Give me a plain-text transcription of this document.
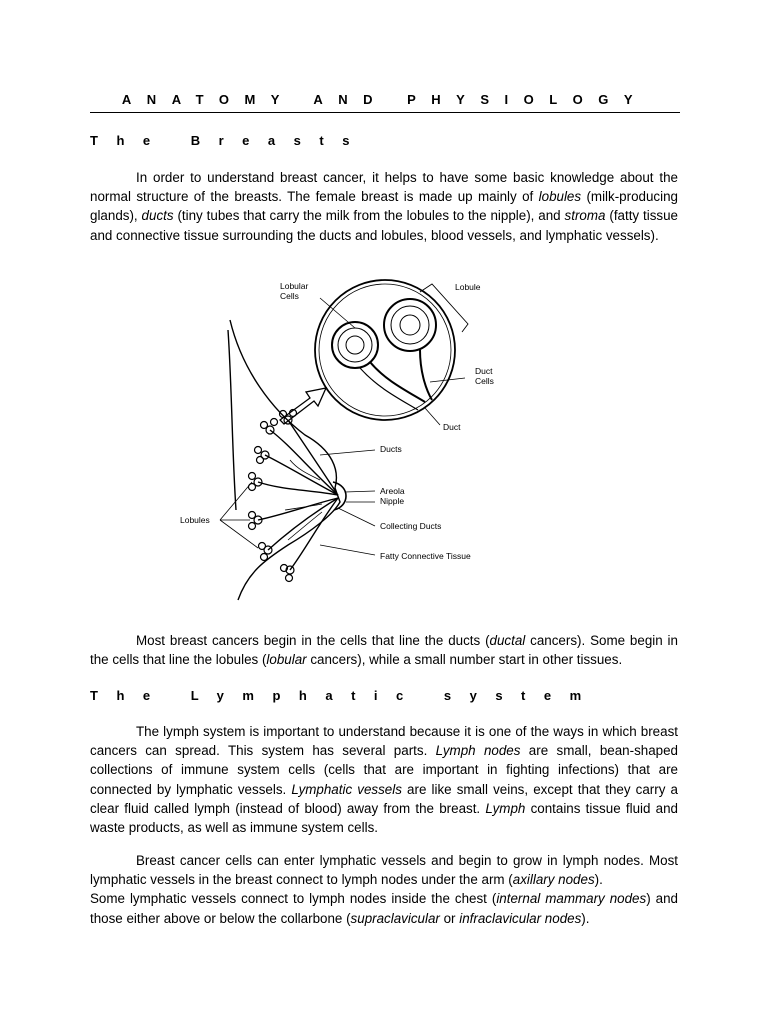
ANATOMY AND PHYSIOLOGY
The Breasts
In order to understand breast cancer, it helps to have some basic knowledge about the normal structure of the breasts. The female breast is made up mainly of lobules (milk-producing glands), ducts (tiny tubes that carry the milk from the lobules to the nipple), and stroma (fatty tissue and connective tissue surrounding the ducts and lobules, blood vessels, and lymphatic vessels).
Lobular
Cells
Lobule
Duct
Cells
Duct
Ducts
Areola
Nipple
Lobules
Collecting Ducts
Fatty Connective Tissue
Most breast cancers begin in the cells that line the ducts (ductal cancers). Some begin in the cells that line the lobules (lobular cancers), while a small number start in other tissues.
The Lymphatic system
The lymph system is important to understand because it is one of the ways in which breast cancers can spread. This system has several parts. Lymph nodes are small, bean-shaped collections of immune system cells (cells that are important in fighting infections) that are connected by lymphatic vessels. Lymphatic vessels are like small veins, except that they carry a clear fluid called lymph (instead of blood) away from the breast. Lymph contains tissue fluid and waste products, as well as immune system cells.
Breast cancer cells can enter lymphatic vessels and begin to grow in lymph nodes. Most lymphatic vessels in the breast connect to lymph nodes under the arm (axillary nodes).
Some lymphatic vessels connect to lymph nodes inside the chest (internal mammary nodes) and those either above or below the collarbone (supraclavicular or infraclavicular nodes).
